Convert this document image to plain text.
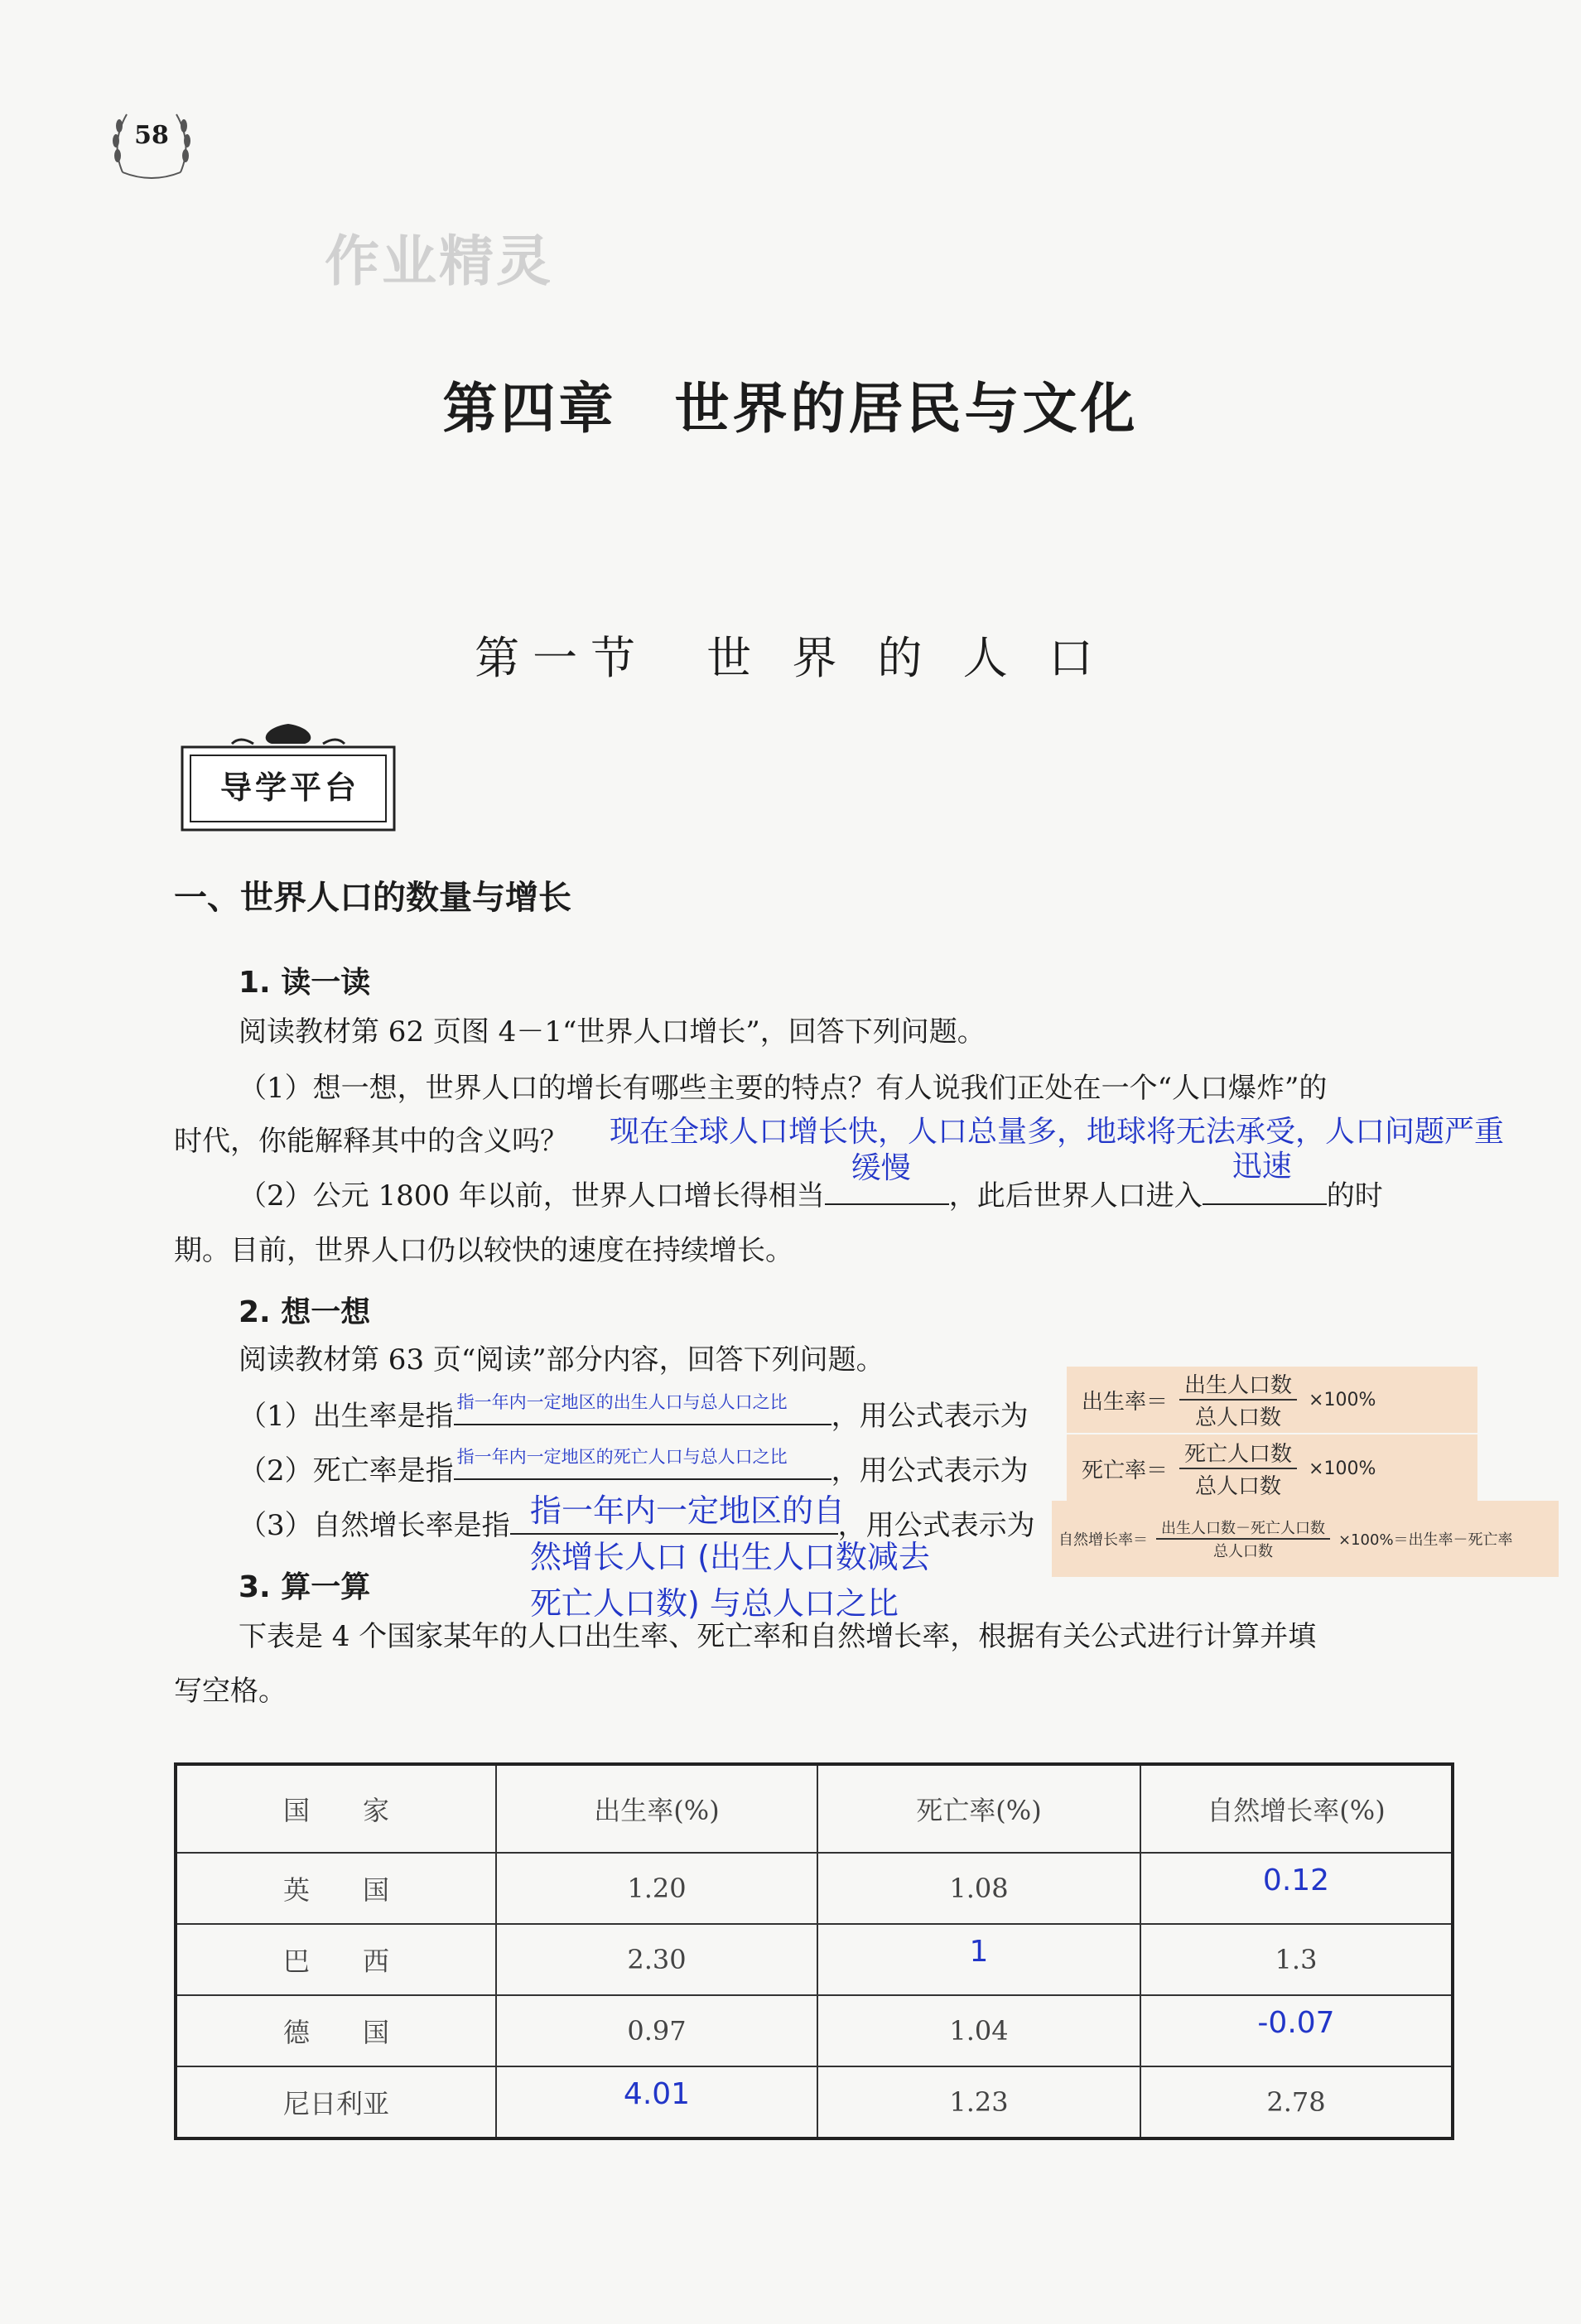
58
作业精灵
第四章　世界的居民与文化
第一节　世 界 的 人 口
导学平台
一、世界人口的数量与增长
1. 读一读
阅读教材第 62 页图 4－1“世界人口增长”，回答下列问题。
（1）想一想，世界人口的增长有哪些主要的特点？有人说我们正处在一个“人口爆炸”的
时代，你能解释其中的含义吗？ 现在全球人口增长快，人口总量多，地球将无法承受，人口问题严重
（2）公元 1800 年以前，世界人口增长得相当
缓慢
，此后世界人口进入
迅速
的时
期。目前，世界人口仍以较快的速度在持续增长。
2. 想一想
阅读教材第 63 页“阅读”部分内容，回答下列问题。
（1）出生率是指 指一年内一定地区的出生人口与总人口之比 ，用公式表示为 出生率＝ $\frac{\text{出生人口数}}{\text{总人口数}} \times 100\%$
（2）死亡率是指 指一年内一定地区的死亡人口与总人口之比 ，用公式表示为 死亡率＝ $\frac{\text{死亡人口数}}{\text{总人口数}} \times 100\%$
（3）自然增长率是指	，用公式表示为
指一年内一定地区的自
然增长人口 (出生人口数减去
死亡人口数) 与总人口之比
自然增长率＝ $\frac{\text{出生人口数－死亡人口数}}{\text{总人口数}} \times 100\%=$出生率－死亡率
3. 算一算
下表是 4 个国家某年的人口出生率、死亡率和自然增长率，根据有关公式进行计算并填
写空格。
国　　家	出生率(%)	死亡率(%)	自然增长率(%)
英　　国	1.20	1.08	0.12
巴　　西	2.30	1	1.3
德　　国	0.97	1.04	-0.07
尼日利亚	4.01	1.23	2.78
